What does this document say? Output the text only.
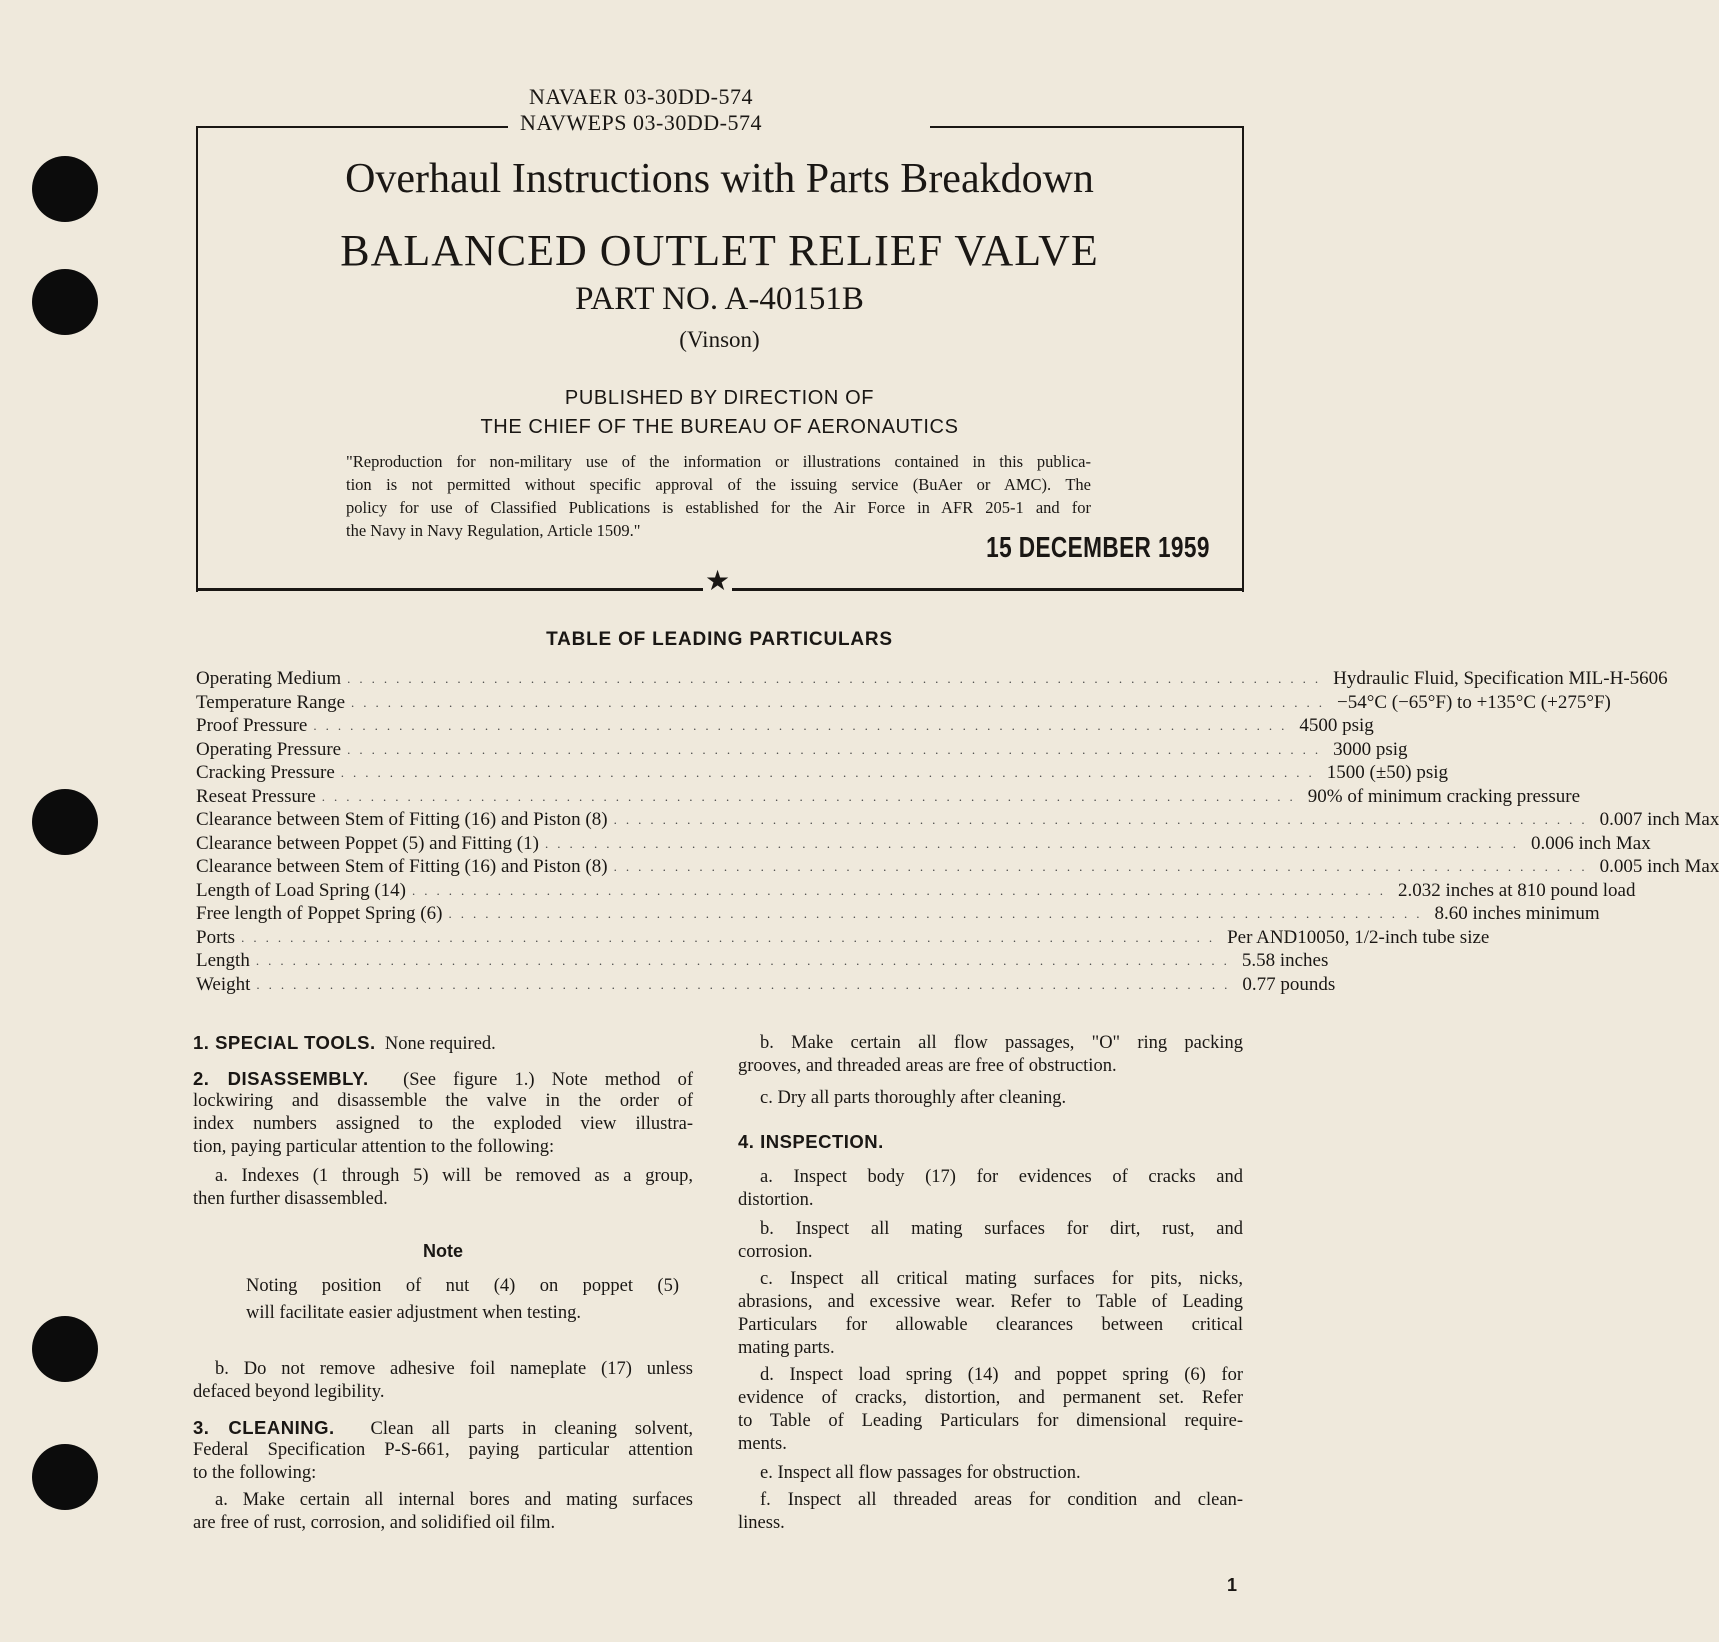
NAVAER 03-30DD-574
NAVWEPS 03-30DD-574
★
Overhaul Instructions with Parts Breakdown
BALANCED OUTLET RELIEF VALVE
PART NO. A-40151B
(Vinson)
PUBLISHED BY DIRECTION OF
THE CHIEF OF THE BUREAU OF AERONAUTICS
"Reproduction for non-military use of the information or illustrations contained in this publica-
tion is not permitted without specific approval of the issuing service (BuAer or AMC). The
policy for use of Classified Publications is established for the Air Force in AFR 205-1 and for
the Navy in Navy Regulation, Article 1509."
15 DECEMBER 1959
TABLE OF LEADING PARTICULARS
Operating Medium ................................................................................ Hydraulic Fluid, Specification MIL-H-5606
Temperature Range ................................................................................ −54°C (−65°F) to +135°C (+275°F)
Proof Pressure ................................................................................ 4500 psig
Operating Pressure ................................................................................ 3000 psig
Cracking Pressure ................................................................................ 1500 (±50) psig
Reseat Pressure ................................................................................ 90% of minimum cracking pressure
Clearance between Stem of Fitting (16) and Piston (8) ................................................................................ 0.007 inch Max
Clearance between Poppet (5) and Fitting (1) ................................................................................ 0.006 inch Max
Clearance between Stem of Fitting (16) and Piston (8) ................................................................................ 0.005 inch Max
Length of Load Spring (14) ................................................................................ 2.032 inches at 810 pound load
Free length of Poppet Spring (6) ................................................................................ 8.60 inches minimum
Ports ................................................................................ Per AND10050, 1/2-inch tube size
Length ................................................................................ 5.58 inches
Weight ................................................................................ 0.77 pounds
1. SPECIAL TOOLS. None required.
2. DISASSEMBLY. (See figure 1.) Note method of
lockwiring and disassemble the valve in the order of
index numbers assigned to the exploded view illustra-
tion, paying particular attention to the following:
a. Indexes (1 through 5) will be removed as a group,
then further disassembled.
Note
Noting position of nut (4) on poppet (5)
will facilitate easier adjustment when testing.
b. Do not remove adhesive foil nameplate (17) unless
defaced beyond legibility.
3. CLEANING. Clean all parts in cleaning solvent,
Federal Specification P-S-661, paying particular attention
to the following:
a. Make certain all internal bores and mating surfaces
are free of rust, corrosion, and solidified oil film.
b. Make certain all flow passages, "O" ring packing
grooves, and threaded areas are free of obstruction.
c. Dry all parts thoroughly after cleaning.
4. INSPECTION.
a. Inspect body (17) for evidences of cracks and
distortion.
b. Inspect all mating surfaces for dirt, rust, and
corrosion.
c. Inspect all critical mating surfaces for pits, nicks,
abrasions, and excessive wear. Refer to Table of Leading
Particulars for allowable clearances between critical
mating parts.
d. Inspect load spring (14) and poppet spring (6) for
evidence of cracks, distortion, and permanent set. Refer
to Table of Leading Particulars for dimensional require-
ments.
e. Inspect all flow passages for obstruction.
f. Inspect all threaded areas for condition and clean-
liness.
1
